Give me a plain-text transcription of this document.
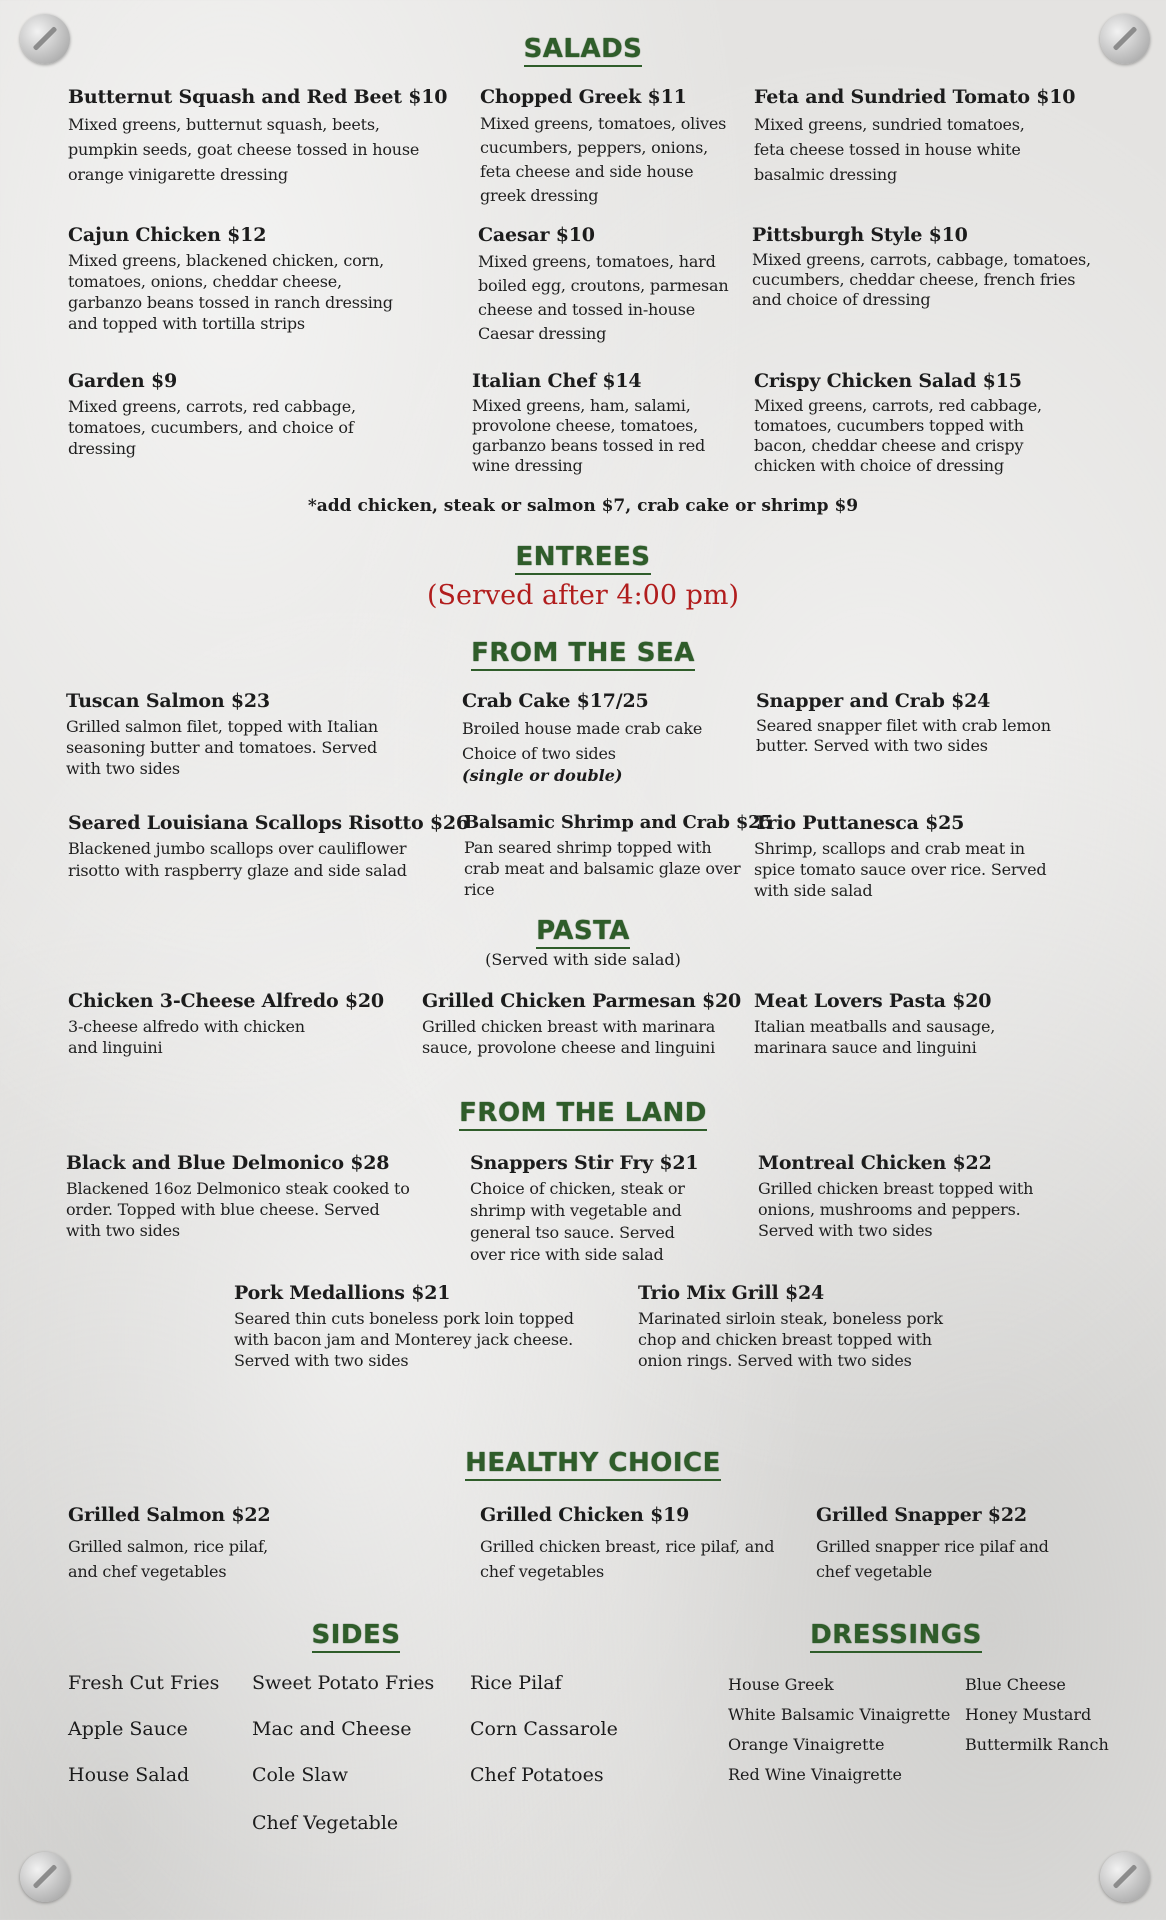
SALADS
Butternut Squash and Red Beet $10
Mixed greens, butternut squash, beets, pumpkin seeds, goat cheese tossed in house orange vinigarette dressing
Chopped Greek $11
Mixed greens, tomatoes, olives cucumbers, peppers, onions, feta cheese and side house greek dressing
Feta and Sundried Tomato $10
Mixed greens, sundried tomatoes, feta cheese tossed in house white basalmic dressing
Cajun Chicken $12
Mixed greens, blackened chicken, corn, tomatoes, onions, cheddar cheese, garbanzo beans tossed in ranch dressing and topped with tortilla strips
Caesar $10
Mixed greens, tomatoes, hard boiled egg, croutons, parmesan cheese and tossed in-house Caesar dressing
Pittsburgh Style $10
Mixed greens, carrots, cabbage, tomatoes, cucumbers, cheddar cheese, french fries and choice of dressing
Garden $9
Mixed greens, carrots, red cabbage, tomatoes, cucumbers, and choice of dressing
Italian Chef $14
Mixed greens, ham, salami, provolone cheese, tomatoes, garbanzo beans tossed in red wine dressing
Crispy Chicken Salad $15
Mixed greens, carrots, red cabbage, tomatoes, cucumbers topped with bacon, cheddar cheese and crispy chicken with choice of dressing
*add chicken, steak or salmon $7, crab cake or shrimp $9
ENTREES
(Served after 4:00 pm)
FROM THE SEA
Tuscan Salmon $23
Grilled salmon filet, topped with Italian seasoning butter and tomatoes. Served with two sides
Crab Cake $17/25
Broiled house made crab cake Choice of two sides
(single or double)
Snapper and Crab $24
Seared snapper filet with crab lemon butter. Served with two sides
Seared Louisiana Scallops Risotto $26
Blackened jumbo scallops over cauliflower risotto with raspberry glaze and side salad
Balsamic Shrimp and Crab $25
Pan seared shrimp topped with crab meat and balsamic glaze over rice
Trio Puttanesca $25
Shrimp, scallops and crab meat in spice tomato sauce over rice. Served with side salad
PASTA
(Served with side salad)
Chicken 3-Cheese Alfredo $20
3-cheese alfredo with chicken and linguini
Grilled Chicken Parmesan $20
Grilled chicken breast with marinara sauce, provolone cheese and linguini
Meat Lovers Pasta $20
Italian meatballs and sausage, marinara sauce and linguini
FROM THE LAND
Black and Blue Delmonico $28
Blackened 16oz Delmonico steak cooked to order. Topped with blue cheese. Served with two sides
Snappers Stir Fry $21
Choice of chicken, steak or shrimp with vegetable and general tso sauce. Served over rice with side salad
Montreal Chicken $22
Grilled chicken breast topped with onions, mushrooms and peppers. Served with two sides
Pork Medallions $21
Seared thin cuts boneless pork loin topped with bacon jam and Monterey jack cheese. Served with two sides
Trio Mix Grill $24
Marinated sirloin steak, boneless pork chop and chicken breast topped with onion rings. Served with two sides
HEALTHY CHOICE
Grilled Salmon $22
Grilled salmon, rice pilaf, and chef vegetables
Grilled Chicken $19
Grilled chicken breast, rice pilaf, and chef vegetables
Grilled Snapper $22
Grilled snapper rice pilaf and chef vegetable
SIDES
Fresh Cut Fries
Apple Sauce
House Salad
Sweet Potato Fries
Mac and Cheese
Cole Slaw
Chef Vegetable
Rice Pilaf
Corn Cassarole
Chef Potatoes
DRESSINGS
House Greek
White Balsamic Vinaigrette
Orange Vinaigrette
Red Wine Vinaigrette
Blue Cheese
Honey Mustard
Buttermilk Ranch
